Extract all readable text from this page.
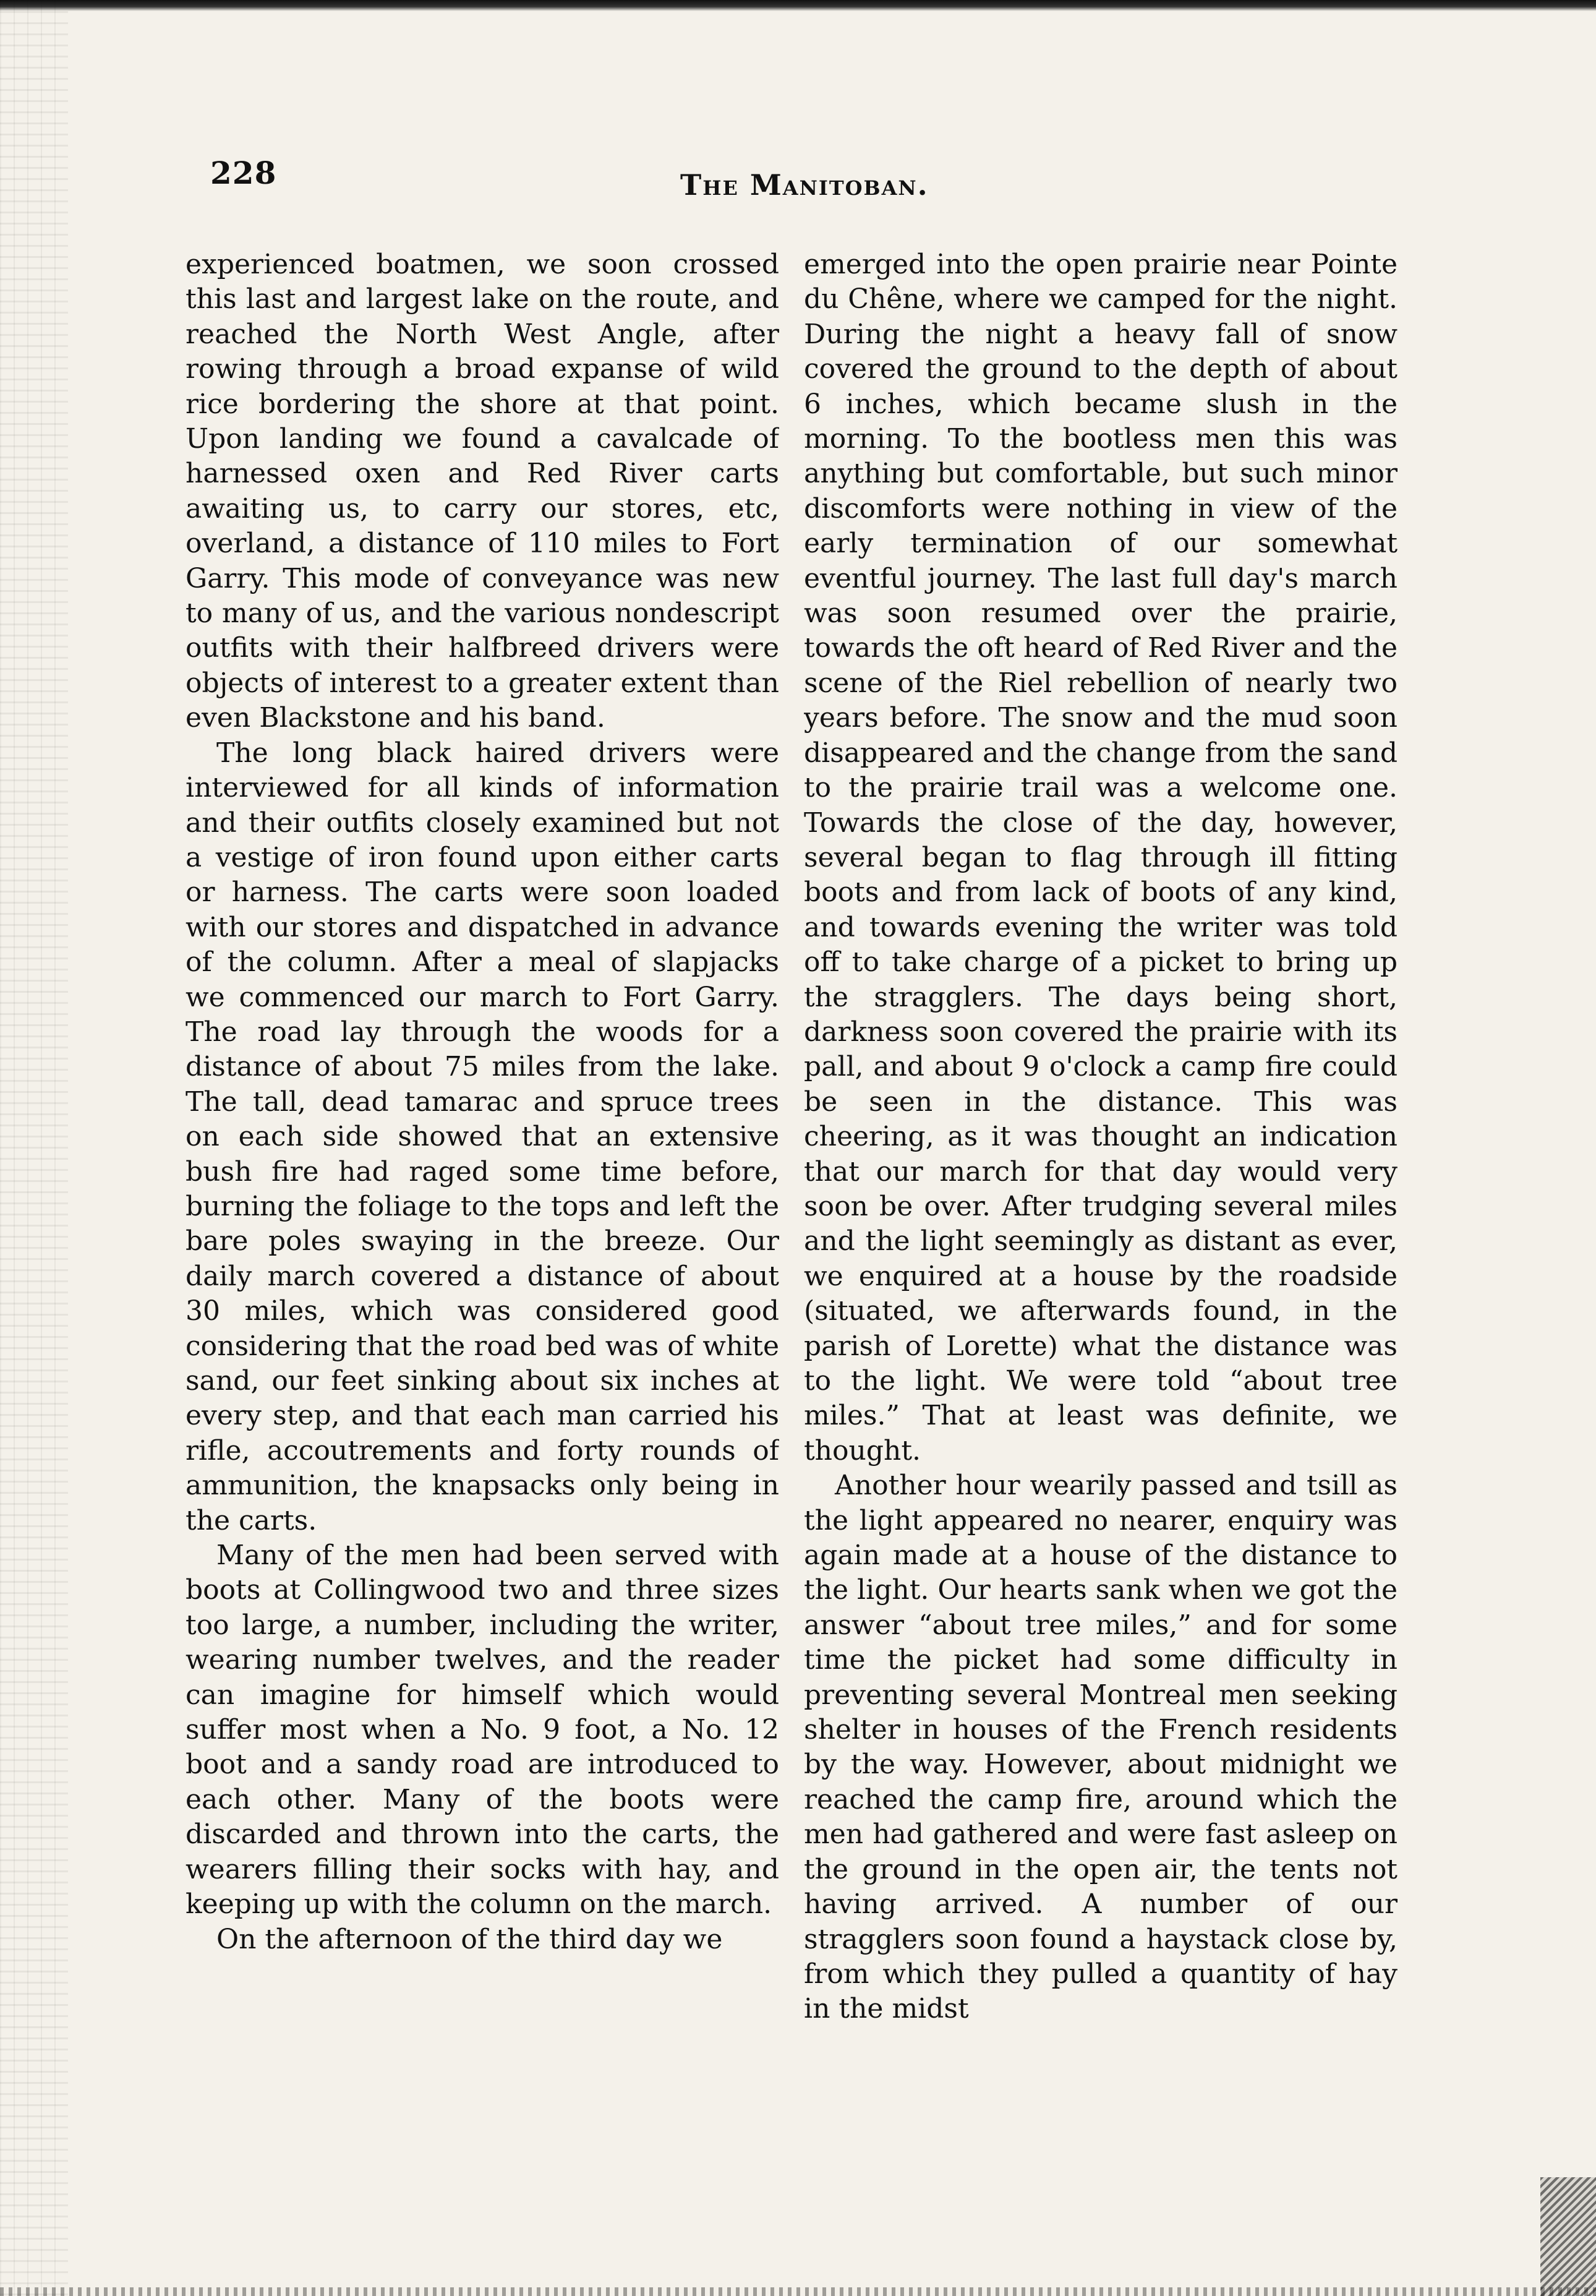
228	The Manitoban.

experienced boatmen, we soon crossed this last and largest lake on the route, and reached the North West Angle, after rowing through a broad expanse of wild rice bordering the shore at that point. Upon landing we found a cavalcade of harnessed oxen and Red River carts awaiting us, to carry our stores, etc, overland, a distance of 110 miles to Fort Garry. This mode of conveyance was new to many of us, and the various nondescript outfits with their halfbreed drivers were objects of interest to a greater extent than even Blackstone and his band.

The long black haired drivers were interviewed for all kinds of information and their outfits closely examined but not a vestige of iron found upon either carts or harness. The carts were soon loaded with our stores and dispatched in advance of the column. After a meal of slapjacks we commenced our march to Fort Garry. The road lay through the woods for a distance of about 75 miles from the lake. The tall, dead tamarac and spruce trees on each side showed that an extensive bush fire had raged some time before, burning the foliage to the tops and left the bare poles swaying in the breeze. Our daily march covered a distance of about 30 miles, which was considered good considering that the road bed was of white sand, our feet sinking about six inches at every step, and that each man carried his rifle, accoutrements and forty rounds of ammunition, the knapsacks only being in the carts.

Many of the men had been served with boots at Collingwood two and three sizes too large, a number, including the writer, wearing number twelves, and the reader can imagine for himself which would suffer most when a No. 9 foot, a No. 12 boot and a sandy road are introduced to each other. Many of the boots were discarded and thrown into the carts, the wearers filling their socks with hay, and keeping up with the column on the march.

On the afternoon of the third day we

emerged into the open prairie near Pointe du Chêne, where we camped for the night. During the night a heavy fall of snow covered the ground to the depth of about 6 inches, which became slush in the morning. To the bootless men this was anything but comfortable, but such minor discomforts were nothing in view of the early termination of our somewhat eventful journey. The last full day's march was soon resumed over the prairie, towards the oft heard of Red River and the scene of the Riel rebellion of nearly two years before. The snow and the mud soon disappeared and the change from the sand to the prairie trail was a welcome one. Towards the close of the day, however, several began to flag through ill fitting boots and from lack of boots of any kind, and towards evening the writer was told off to take charge of a picket to bring up the stragglers. The days being short, darkness soon covered the prairie with its pall, and about 9 o'clock a camp fire could be seen in the distance. This was cheering, as it was thought an indication that our march for that day would very soon be over. After trudging several miles and the light seemingly as distant as ever, we enquired at a house by the roadside (situated, we afterwards found, in the parish of Lorette) what the distance was to the light. We were told “about tree miles.” That at least was definite, we thought.

Another hour wearily passed and tsill as the light appeared no nearer, enquiry was again made at a house of the distance to the light. Our hearts sank when we got the answer “about tree miles,” and for some time the picket had some difficulty in preventing several Montreal men seeking shelter in houses of the French residents by the way. However, about midnight we reached the camp fire, around which the men had gathered and were fast asleep on the ground in the open air, the tents not having arrived. A number of our stragglers soon found a haystack close by, from which they pulled a quantity of hay in the midst
